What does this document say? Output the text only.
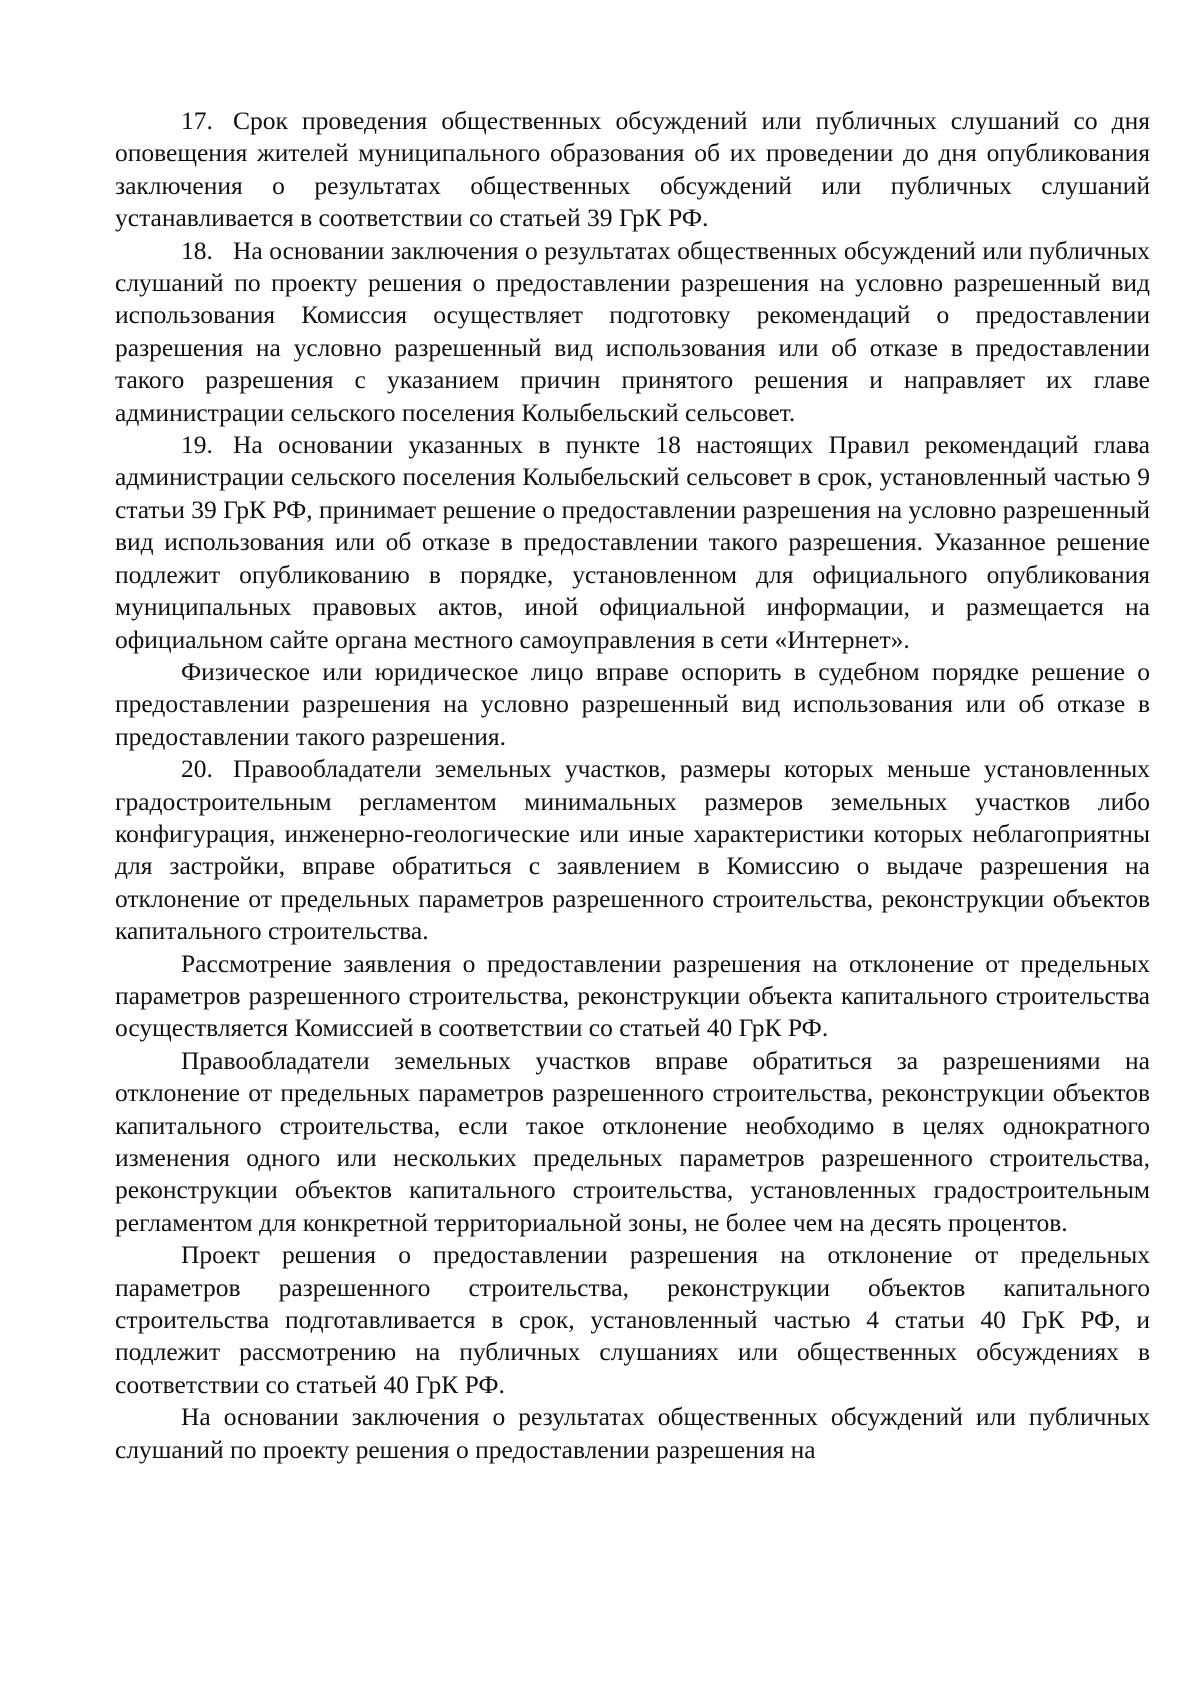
17. Срок проведения общественных обсуждений или публичных слушаний со дня оповещения жителей муниципального образования об их проведении до дня опубликования заключения о результатах общественных обсуждений или публичных слушаний устанавливается в соответствии со статьей 39 ГрК РФ.

18. На основании заключения о результатах общественных обсуждений или публичных слушаний по проекту решения о предоставлении разрешения на условно разрешенный вид использования Комиссия осуществляет подготовку рекомендаций о предоставлении разрешения на условно разрешенный вид использования или об отказе в предоставлении такого разрешения с указанием причин принятого решения и направляет их главе администрации сельского поселения Колыбельский сельсовет.

19. На основании указанных в пункте 18 настоящих Правил рекомендаций глава администрации сельского поселения Колыбельский сельсовет в срок, установленный частью 9 статьи 39 ГрК РФ, принимает решение о предоставлении разрешения на условно разрешенный вид использования или об отказе в предоставлении такого разрешения. Указанное решение подлежит опубликованию в порядке, установленном для официального опубликования муниципальных правовых актов, иной официальной информации, и размещается на официальном сайте органа местного самоуправления в сети «Интернет».

Физическое или юридическое лицо вправе оспорить в судебном порядке решение о предоставлении разрешения на условно разрешенный вид использования или об отказе в предоставлении такого разрешения.

20. Правообладатели земельных участков, размеры которых меньше установленных градостроительным регламентом минимальных размеров земельных участков либо конфигурация, инженерно-геологические или иные характеристики которых неблагоприятны для застройки, вправе обратиться с заявлением в Комиссию о выдаче разрешения на отклонение от предельных параметров разрешенного строительства, реконструкции объектов капитального строительства.

Рассмотрение заявления о предоставлении разрешения на отклонение от предельных параметров разрешенного строительства, реконструкции объекта капитального строительства осуществляется Комиссией в соответствии со статьей 40 ГрК РФ.

Правообладатели земельных участков вправе обратиться за разрешениями на отклонение от предельных параметров разрешенного строительства, реконструкции объектов капитального строительства, если такое отклонение необходимо в целях однократного изменения одного или нескольких предельных параметров разрешенного строительства, реконструкции объектов капитального строительства, установленных градостроительным регламентом для конкретной территориальной зоны, не более чем на десять процентов.

Проект решения о предоставлении разрешения на отклонение от предельных параметров разрешенного строительства, реконструкции объектов капитального строительства подготавливается в срок, установленный частью 4 статьи 40 ГрК РФ, и подлежит рассмотрению на публичных слушаниях или общественных обсуждениях в соответствии со статьей 40 ГрК РФ.

На основании заключения о результатах общественных обсуждений или публичных слушаний по проекту решения о предоставлении разрешения на
